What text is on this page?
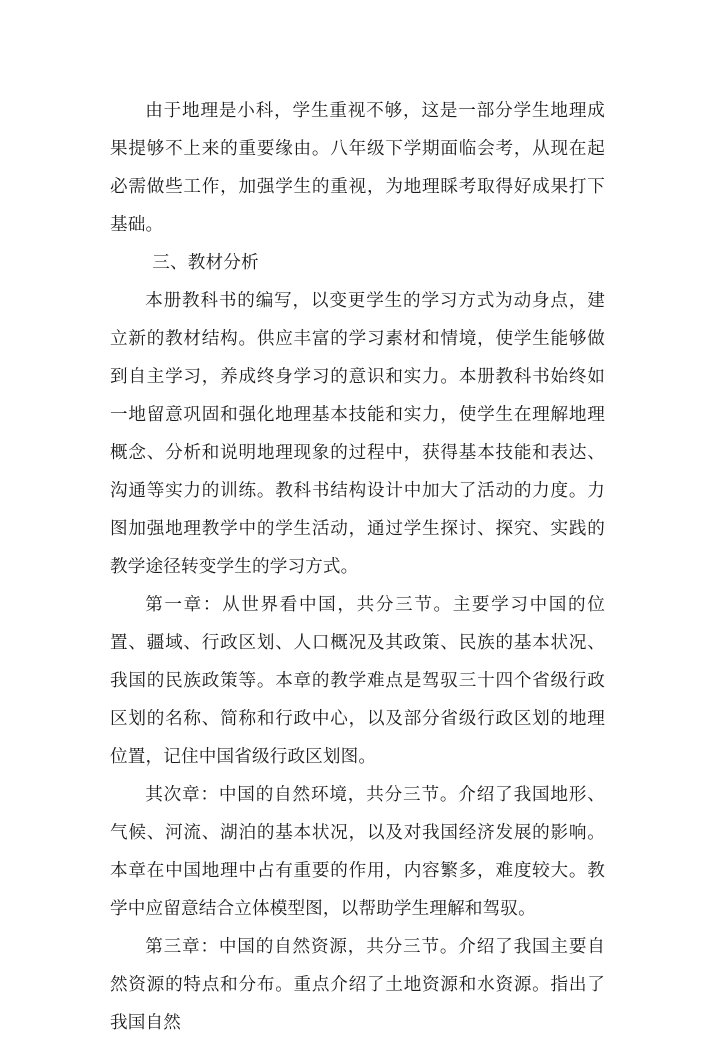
由于地理是小科，学生重视不够，这是一部分学生地理成果提够不上来的重要缘由。八年级下学期面临会考，从现在起必需做些工作，加强学生的重视，为地理睬考取得好成果打下基础。

三、教材分析

本册教科书的编写，以变更学生的学习方式为动身点，建立新的教材结构。供应丰富的学习素材和情境，使学生能够做到自主学习，养成终身学习的意识和实力。本册教科书始终如一地留意巩固和强化地理基本技能和实力，使学生在理解地理概念、分析和说明地理现象的过程中，获得基本技能和表达、沟通等实力的训练。教科书结构设计中加大了活动的力度。力图加强地理教学中的学生活动，通过学生探讨、探究、实践的教学途径转变学生的学习方式。

第一章：从世界看中国，共分三节。主要学习中国的位置、疆域、行政区划、人口概况及其政策、民族的基本状况、我国的民族政策等。本章的教学难点是驾驭三十四个省级行政区划的名称、简称和行政中心，以及部分省级行政区划的地理位置，记住中国省级行政区划图。

其次章：中国的自然环境，共分三节。介绍了我国地形、气候、河流、湖泊的基本状况，以及对我国经济发展的影响。本章在中国地理中占有重要的作用，内容繁多，难度较大。教学中应留意结合立体模型图，以帮助学生理解和驾驭。

第三章：中国的自然资源，共分三节。介绍了我国主要自然资源的特点和分布。重点介绍了土地资源和水资源。指出了我国自然
